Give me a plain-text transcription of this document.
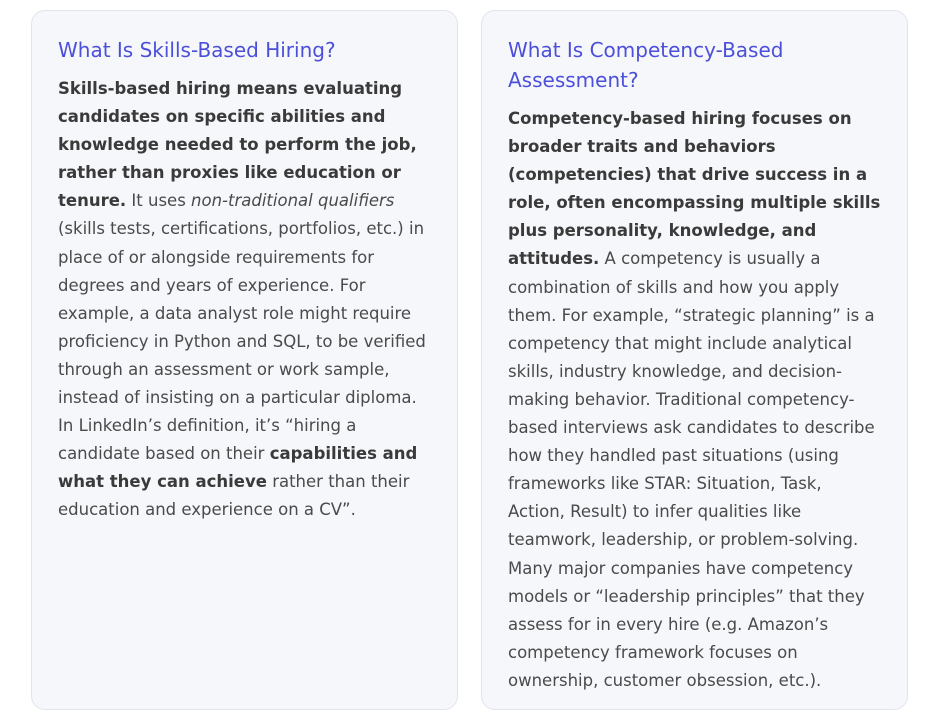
What Is Skills-Based Hiring?

Skills-based hiring means evaluating candidates on specific abilities and knowledge needed to perform the job, rather than proxies like education or tenure. It uses non-traditional qualifiers (skills tests, certifications, portfolios, etc.) in place of or alongside requirements for degrees and years of experience. For example, a data analyst role might require proficiency in Python and SQL, to be verified through an assessment or work sample, instead of insisting on a particular diploma. In LinkedIn’s definition, it’s “hiring a candidate based on their capabilities and what they can achieve rather than their education and experience on a CV”.

What Is Competency-Based Assessment?

Competency-based hiring focuses on broader traits and behaviors (competencies) that drive success in a role, often encompassing multiple skills plus personality, knowledge, and attitudes. A competency is usually a combination of skills and how you apply them. For example, “strategic planning” is a competency that might include analytical skills, industry knowledge, and decision-making behavior. Traditional competency-based interviews ask candidates to describe how they handled past situations (using frameworks like STAR: Situation, Task, Action, Result) to infer qualities like teamwork, leadership, or problem-solving. Many major companies have competency models or “leadership principles” that they assess for in every hire (e.g. Amazon’s competency framework focuses on ownership, customer obsession, etc.).
